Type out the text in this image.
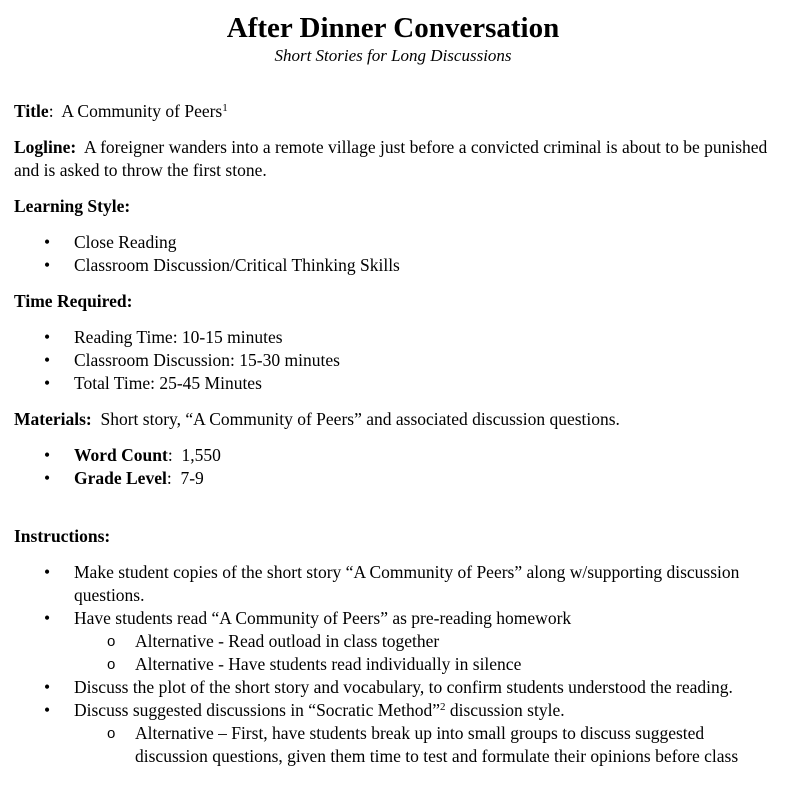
After Dinner Conversation
Short Stories for Long Discussions

Title:  A Community of Peers$^1$

Logline: A foreigner wanders into a remote village just before a convicted criminal is about to be punished and is asked to throw the first stone.

Learning Style:

• Close Reading
• Classroom Discussion/Critical Thinking Skills

Time Required:

• Reading Time: 10-15 minutes
• Classroom Discussion: 15-30 minutes
• Total Time: 25-45 Minutes

Materials: Short story, “A Community of Peers” and associated discussion questions.

• Word Count:  1,550
• Grade Level:  7-9

Instructions:

• Make student copies of the short story “A Community of Peers” along w/supporting discussion questions.
• Have students read “A Community of Peers” as pre-reading homework
o Alternative - Read outload in class together
o Alternative - Have students read individually in silence
• Discuss the plot of the short story and vocabulary, to confirm students understood the reading.
• Discuss suggested discussions in “Socratic Method”$^2$ discussion style.
o Alternative – First, have students break up into small groups to discuss suggested discussion questions, given them time to test and formulate their opinions before class
